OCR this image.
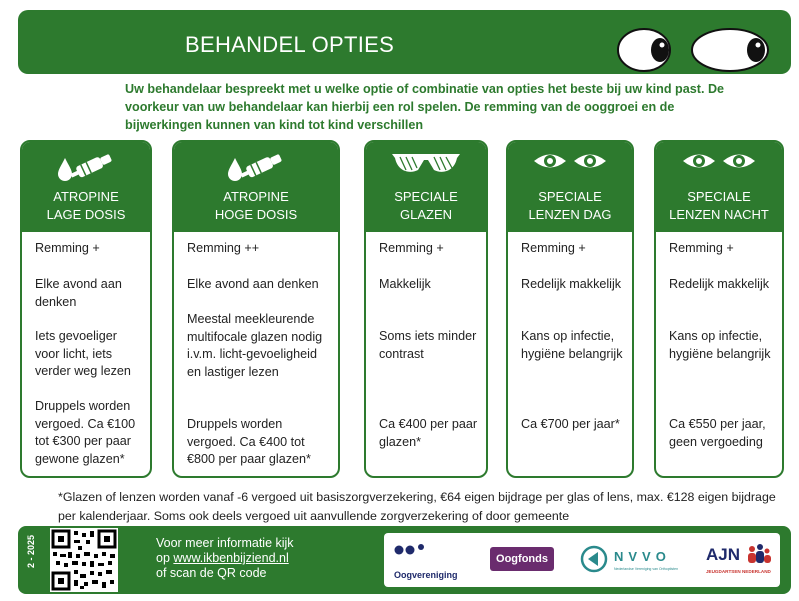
BEHANDEL OPTIES
Uw behandelaar bespreekt met u welke optie of combinatie van opties het beste bij uw kind past. De voorkeur van uw behandelaar kan hierbij een rol spelen. De remming van de ooggroei en de bijwerkingen kunnen van kind tot kind verschillen
ATROPINE
LAGE DOSIS
Remming +
Elke avond aan denken
Iets gevoeliger voor licht, iets verder weg lezen
Druppels worden vergoed. Ca €100 tot €300 per paar gewone glazen*
ATROPINE
HOGE DOSIS
Remming ++
Elke avond aan denken
Meestal meekleurende multifocale glazen nodig i.v.m. licht-gevoeligheid en lastiger lezen
Druppels worden vergoed. Ca €400 tot €800 per paar glazen*
SPECIALE
GLAZEN
Remming +
Makkelijk
Soms iets minder contrast
Ca €400 per paar glazen*
SPECIALE
LENZEN DAG
Remming +
Redelijk makkelijk
Kans op infectie, hygiëne belangrijk
Ca €700 per jaar*
SPECIALE
LENZEN NACHT
Remming +
Redelijk makkelijk
Kans op infectie, hygiëne belangrijk
Ca €550 per jaar, geen vergoeding
*Glazen of lenzen worden vanaf -6 vergoed uit basiszorgverzekering, €64 eigen bijdrage per glas of lens, max. €128 eigen bijdrage per kalenderjaar. Soms ook deels vergoed uit aanvullende zorgverzekering of door gemeente
2 - 2025	Voor meer informatie kijk
op www.ikbenbijziend.nl
of scan de QR code	Oogvereniging
Oogfonds	NVVO
Nederlandse Vereniging van Orthoptisten
AJN
JEUGDARTSEN NEDERLAND
